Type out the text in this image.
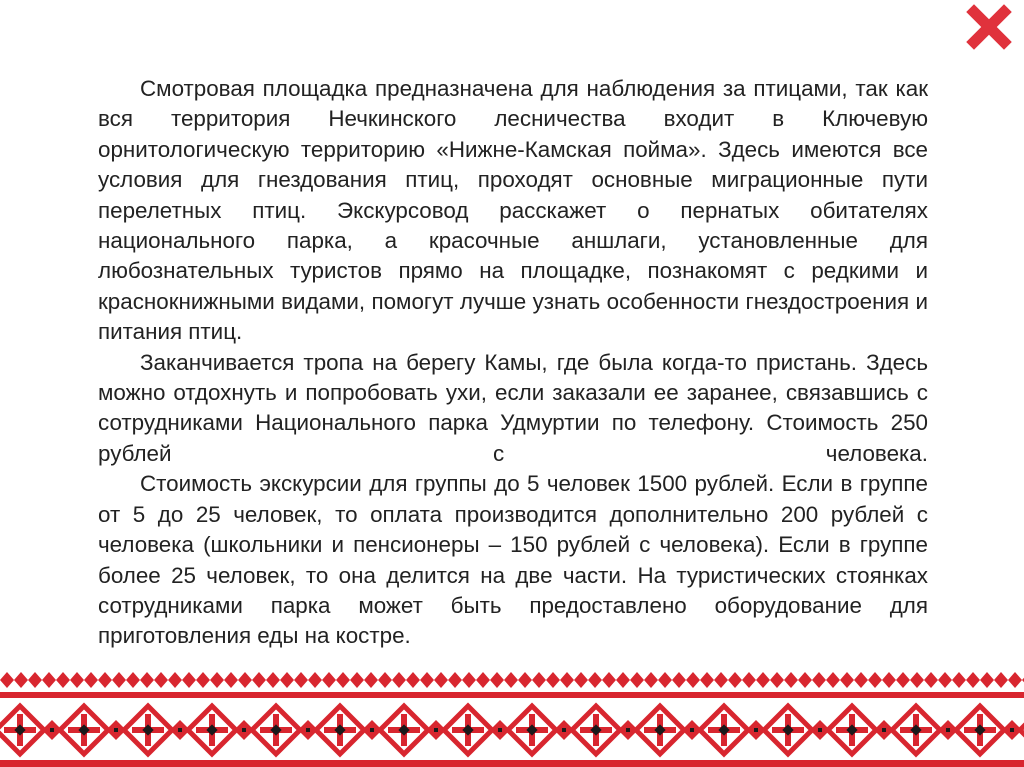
Смотровая площадка предназначена для наблюдения за птицами, так как вся территория Нечкинского лесничества входит в Ключевую орнитологическую территорию «Нижне-Камская пойма». Здесь имеются все условия для гнездования птиц, проходят основные миграционные пути перелетных птиц. Экскурсовод расскажет о пернатых обитателях национального парка, а красочные аншлаги, установленные для любознательных туристов прямо на площадке, познакомят с редкими и краснокнижными видами, помогут лучше узнать особенности гнездостроения и питания птиц.

Заканчивается тропа на берегу Камы, где была когда-то пристань. Здесь можно отдохнуть и попробовать ухи, если заказали ее заранее, связавшись с сотрудниками Национального парка Удмуртии по телефону. Стоимость 250 рублей с человека.

Стоимость экскурсии для группы до 5 человек 1500 рублей. Если в группе от 5 до 25 человек, то оплата производится дополнительно 200 рублей с человека (школьники и пенсионеры – 150 рублей с человека). Если в группе более 25 человек, то она делится на две части. На туристических стоянках сотрудниками парка может быть предоставлено оборудование для приготовления еды на костре.
